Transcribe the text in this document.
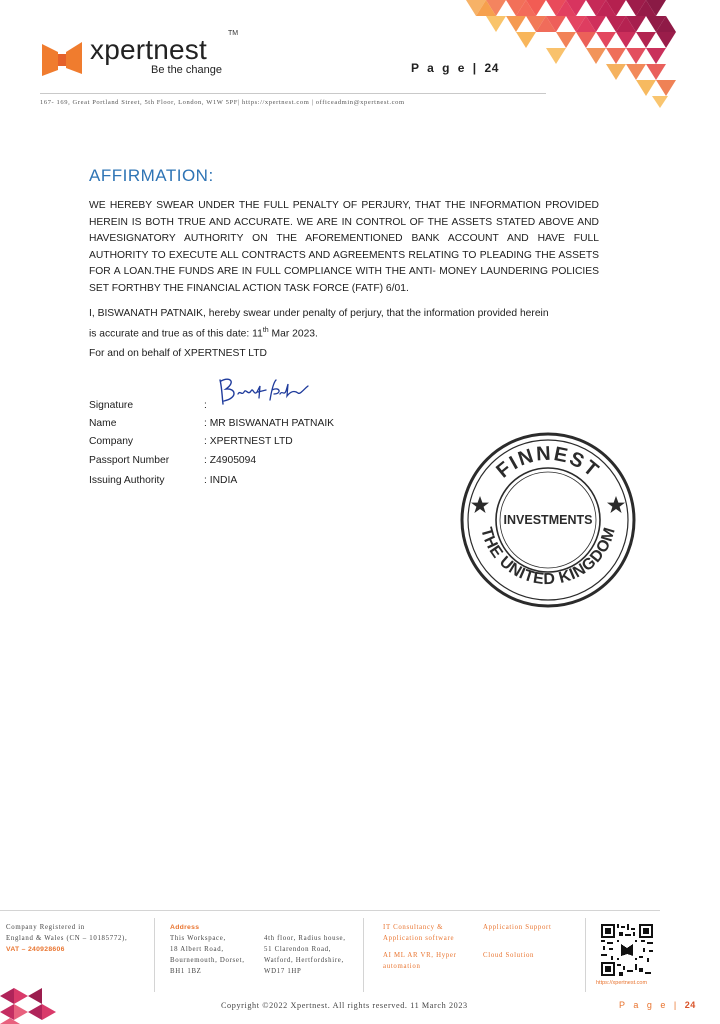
xpertnest
TM
Be the change	P a g e | 24
167- 169, Great Portland Street, 5th Floor, London, W1W 5PF| https://xpertnest.com | officeadmin@xpertnest.com
AFFIRMATION:
WE HEREBY SWEAR UNDER THE FULL PENALTY OF PERJURY, THAT THE INFORMATION PROVIDED HEREIN IS BOTH TRUE AND ACCURATE. WE ARE IN CONTROL OF THE ASSETS STATED ABOVE AND HAVESIGNATORY AUTHORITY ON THE AFOREMENTIONED BANK ACCOUNT AND HAVE FULL AUTHORITY TO EXECUTE ALL CONTRACTS AND AGREEMENTS RELATING TO PLEADING THE ASSETS FOR A LOAN.THE FUNDS ARE IN FULL COMPLIANCE WITH THE ANTI- MONEY LAUNDERING POLICIES SET FORTHBY THE FINANCIAL ACTION TASK FORCE (FATF) 6/01.
I, BISWANATH PATNAIK, hereby swear under penalty of perjury, that the information provided herein
is accurate and true as of this date: 11th Mar 2023.
For and on behalf of XPERTNEST LTD
Signature	:
Name	: MR BISWANATH PATNAIK
Company	: XPERTNEST LTD
Passport Number	: Z4905094
Issuing Authority	: INDIA	FINNEST
THE UNITED KINGDOM
INVESTMENTS
Company Registered in
England & Wales (CN – 10185772),
VAT – 240928606
Address
This Workspace,
18 Albert Road,
Bournemouth, Dorset,
BH1 1BZ
4th floor, Radius house,
51 Clarendon Road,
Watford, Hertfordshire,
WD17 1HP
IT Consultancy &
Application software
Application Support
AI ML AR VR, Hyper
automation
Cloud Solution
https://xpertnest.com
Copyright ©2022 Xpertnest. All rights reserved. 11 March 2023	P a g e | 24
